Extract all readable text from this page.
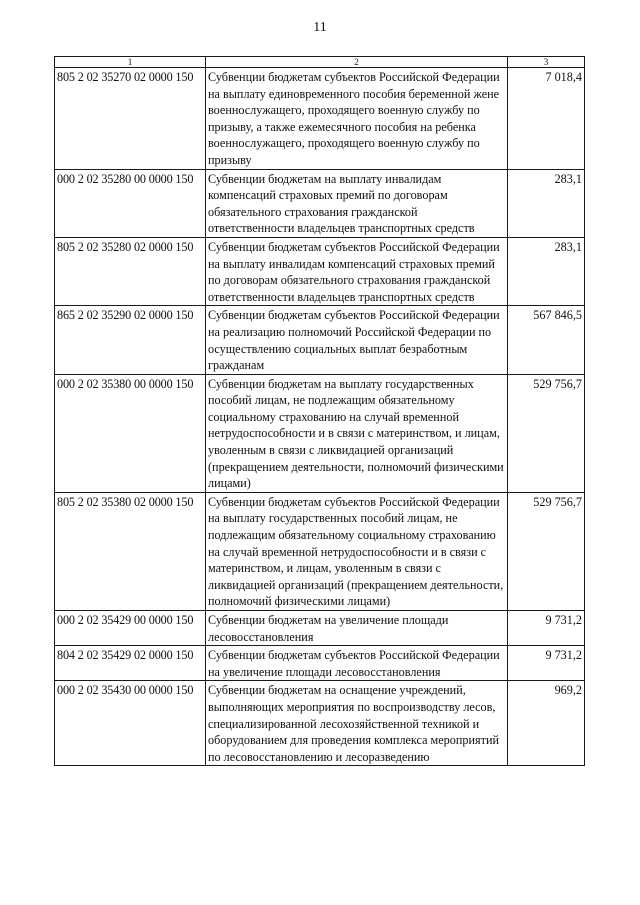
11
1	2	3
805 2 02 35270 02 0000 150	Субвенции бюджетам субъектов Российской Федерации на выплату единовременного пособия беременной жене военнослужащего, проходящего военную службу по призыву, а также ежемесячного пособия на ребенка военнослужащего, проходящего военную службу по призыву	7 018,4
000 2 02 35280 00 0000 150	Субвенции бюджетам на выплату инвалидам компенсаций страховых премий по договорам обязательного страхования гражданской ответственности владельцев транспортных средств	283,1
805 2 02 35280 02 0000 150	Субвенции бюджетам субъектов Российской Федерации на выплату инвалидам компенсаций страховых премий по договорам обязательного страхования гражданской ответственности владельцев транспортных средств	283,1
865 2 02 35290 02 0000 150	Субвенции бюджетам субъектов Российской Федерации на реализацию полномочий Российской Федерации по осуществлению социальных выплат безработным гражданам	567 846,5
000 2 02 35380 00 0000 150	Субвенции бюджетам на выплату государственных пособий лицам, не подлежащим обязательному социальному страхованию на случай временной нетрудоспособности и в связи с материнством, и лицам, уволенным в связи с ликвидацией организаций (прекращением деятельности, полномочий физическими лицами)	529 756,7
805 2 02 35380 02 0000 150	Субвенции бюджетам субъектов Российской Федерации на выплату государственных пособий лицам, не подлежащим обязательному социальному страхованию на случай временной нетрудоспособности и в связи с материнством, и лицам, уволенным в связи с ликвидацией организаций (прекращением деятельности, полномочий физическими лицами)	529 756,7
000 2 02 35429 00 0000 150	Субвенции бюджетам на увеличение площади лесовосстановления	9 731,2
804 2 02 35429 02 0000 150	Субвенции бюджетам субъектов Российской Федерации на увеличение площади лесовосстановления	9 731,2
000 2 02 35430 00 0000 150	Субвенции бюджетам на оснащение учреждений, выполняющих мероприятия по воспроизводству лесов, специализированной лесохозяйственной техникой и оборудованием для проведения комплекса мероприятий по лесовосстановлению и лесоразведению	969,2
